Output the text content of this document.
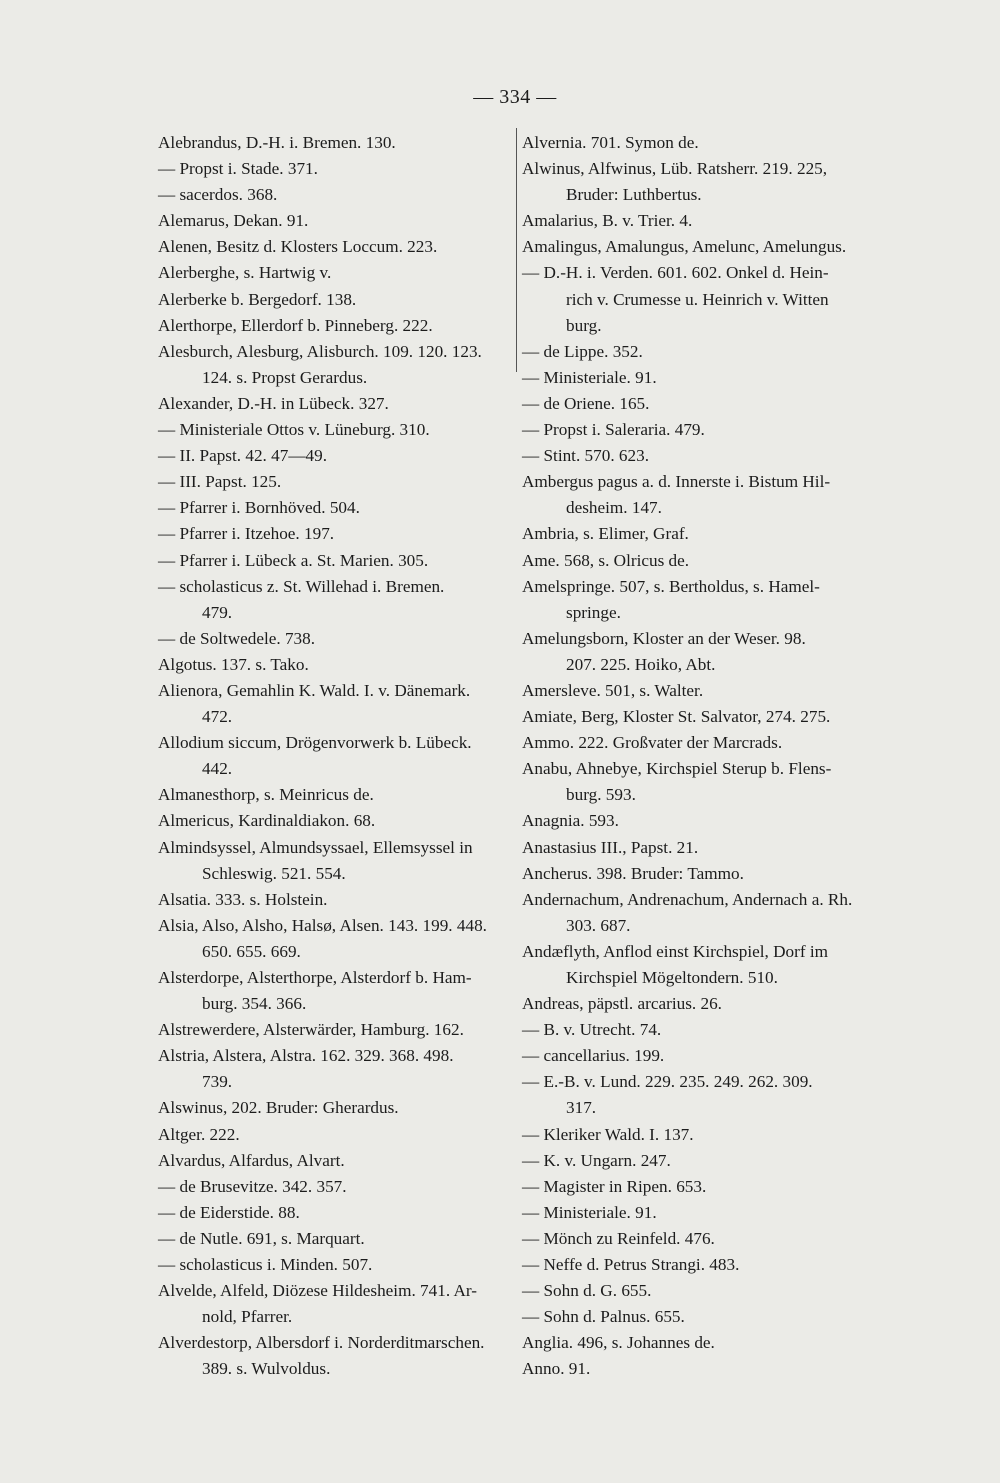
— 334 —
Alebrandus, D.-H. i. Bremen. 130.
— Propst i. Stade. 371.
— sacerdos. 368.
Alemarus, Dekan. 91.
Alenen, Besitz d. Klosters Loccum. 223.
Alerberghe, s. Hartwig v.
Alerberke b. Bergedorf. 138.
Alerthorpe, Ellerdorf b. Pinneberg. 222.
Alesburch, Alesburg, Alisburch. 109. 120. 123.
124. s. Propst Gerardus.
Alexander, D.-H. in Lübeck. 327.
— Ministeriale Ottos v. Lüneburg. 310.
— II. Papst. 42. 47—49.
— III. Papst. 125.
— Pfarrer i. Bornhöved. 504.
— Pfarrer i. Itzehoe. 197.
— Pfarrer i. Lübeck a. St. Marien. 305.
— scholasticus z. St. Willehad i. Bremen.
479.
— de Soltwedele. 738.
Algotus. 137. s. Tako.
Alienora, Gemahlin K. Wald. I. v. Dänemark.
472.
Allodium siccum, Drögenvorwerk b. Lübeck.
442.
Almanesthorp, s. Meinricus de.
Almericus, Kardinaldiakon. 68.
Almindsyssel, Almundsyssael, Ellemsyssel in
Schleswig. 521. 554.
Alsatia. 333. s. Holstein.
Alsia, Also, Alsho, Halsø, Alsen. 143. 199. 448.
650. 655. 669.
Alsterdorpe, Alsterthorpe, Alsterdorf b. Ham-
burg. 354. 366.
Alstrewerdere, Alsterwärder, Hamburg. 162.
Alstria, Alstera, Alstra. 162. 329. 368. 498.
739.
Alswinus, 202. Bruder: Gherardus.
Altger. 222.
Alvardus, Alfardus, Alvart.
— de Brusevitze. 342. 357.
— de Eiderstide. 88.
— de Nutle. 691, s. Marquart.
— scholasticus i. Minden. 507.
Alvelde, Alfeld, Diözese Hildesheim. 741. Ar-
nold, Pfarrer.
Alverdestorp, Albersdorf i. Norderditmarschen.
389. s. Wulvoldus.
Alvernia. 701. Symon de.
Alwinus, Alfwinus, Lüb. Ratsherr. 219. 225,
Bruder: Luthbertus.
Amalarius, B. v. Trier. 4.
Amalingus, Amalungus, Amelunc, Amelungus.
— D.-H. i. Verden. 601. 602. Onkel d. Hein-
rich v. Crumesse u. Heinrich v. Witten
burg.
— de Lippe. 352.
— Ministeriale. 91.
— de Oriene. 165.
— Propst i. Saleraria. 479.
— Stint. 570. 623.
Ambergus pagus a. d. Innerste i. Bistum Hil-
desheim. 147.
Ambria, s. Elimer, Graf.
Ame. 568, s. Olricus de.
Amelspringe. 507, s. Bertholdus, s. Hamel-
springe.
Amelungsborn, Kloster an der Weser. 98.
207. 225. Hoiko, Abt.
Amersleve. 501, s. Walter.
Amiate, Berg, Kloster St. Salvator, 274. 275.
Ammo. 222. Großvater der Marcrads.
Anabu, Ahnebye, Kirchspiel Sterup b. Flens-
burg. 593.
Anagnia. 593.
Anastasius III., Papst. 21.
Ancherus. 398. Bruder: Tammo.
Andernachum, Andrenachum, Andernach a. Rh.
303. 687.
Andæflyth, Anflod einst Kirchspiel, Dorf im
Kirchspiel Mögeltondern. 510.
Andreas, päpstl. arcarius. 26.
— B. v. Utrecht. 74.
— cancellarius. 199.
— E.-B. v. Lund. 229. 235. 249. 262. 309.
317.
— Kleriker Wald. I. 137.
— K. v. Ungarn. 247.
— Magister in Ripen. 653.
— Ministeriale. 91.
— Mönch zu Reinfeld. 476.
— Neffe d. Petrus Strangi. 483.
— Sohn d. G. 655.
— Sohn d. Palnus. 655.
Anglia. 496, s. Johannes de.
Anno. 91.
